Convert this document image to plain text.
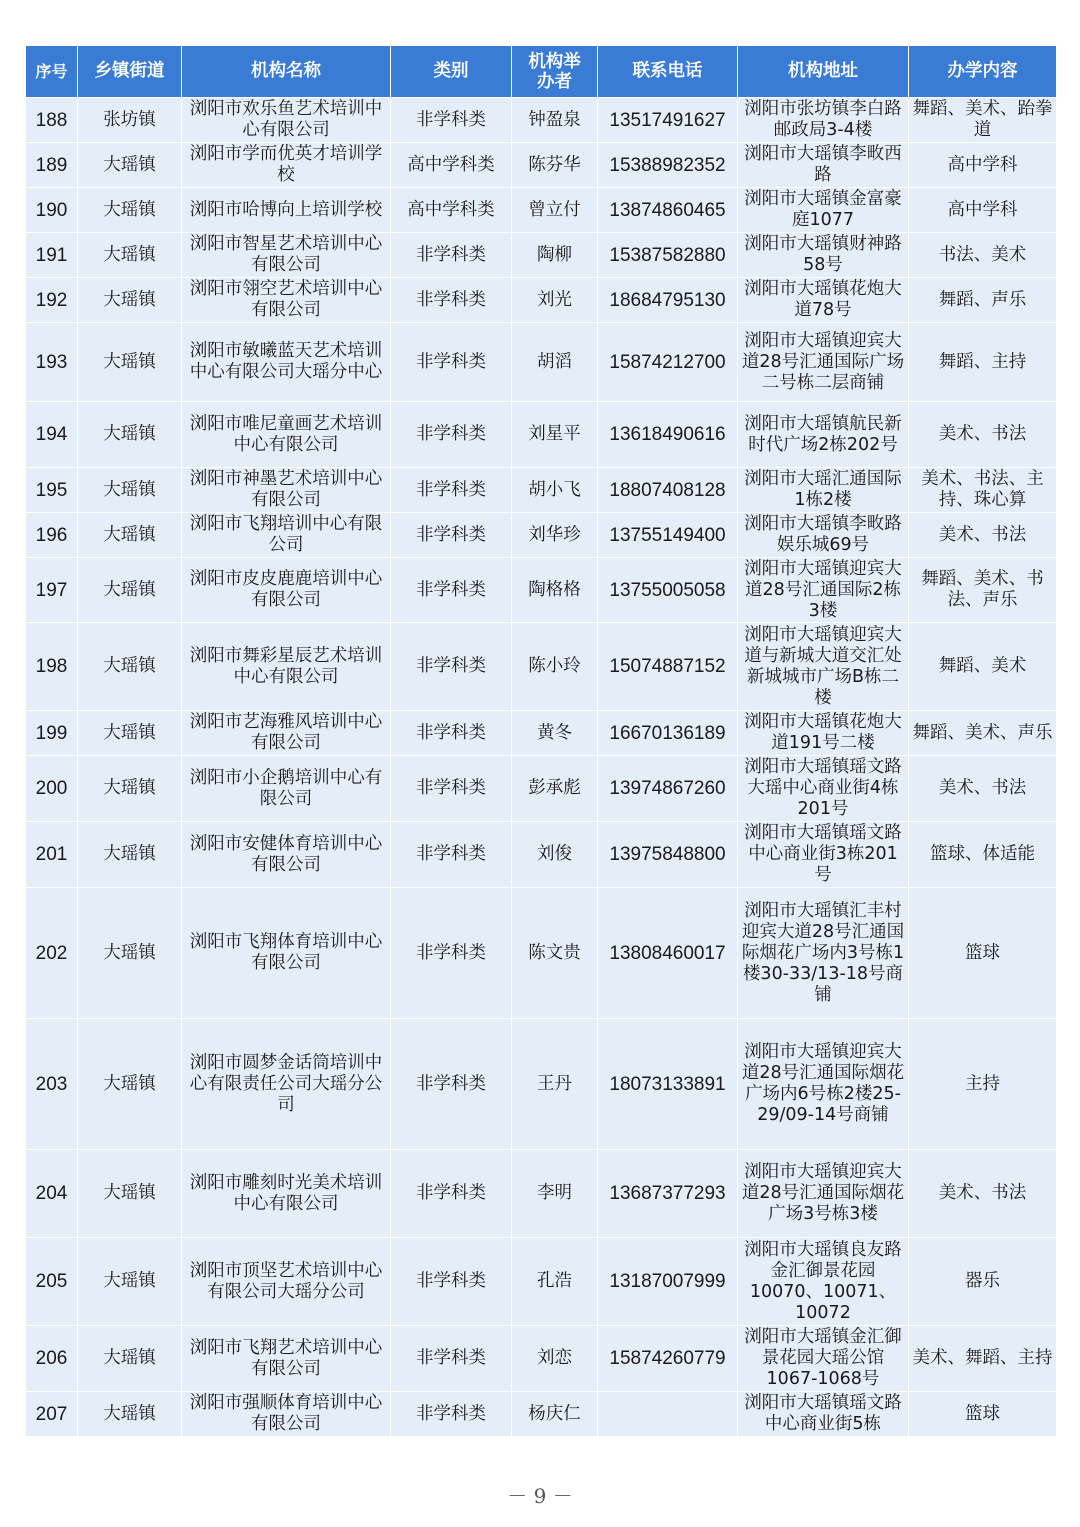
序号	乡镇街道	机构名称	类别	机构举办者	联系电话	机构地址	办学内容
188	张坊镇	浏阳市欢乐鱼艺术培训中心有限公司	非学科类	钟盈泉	13517491627	浏阳市张坊镇李白路邮政局3-4楼	舞蹈、美术、跆拳道
189	大瑶镇	浏阳市学而优英才培训学校	高中学科类	陈芬华	15388982352	浏阳市大瑶镇李畋西路	高中学科
190	大瑶镇	浏阳市哈博向上培训学校	高中学科类	曾立付	13874860465	浏阳市大瑶镇金富豪庭1077	高中学科
191	大瑶镇	浏阳市智星艺术培训中心有限公司	非学科类	陶柳	15387582880	浏阳市大瑶镇财神路58号	书法、美术
192	大瑶镇	浏阳市翎空艺术培训中心有限公司	非学科类	刘光	18684795130	浏阳市大瑶镇花炮大道78号	舞蹈、声乐
193	大瑶镇	浏阳市敏曦蓝天艺术培训中心有限公司大瑶分中心	非学科类	胡滔	15874212700	浏阳市大瑶镇迎宾大道28号汇通国际广场二号栋二层商铺	舞蹈、主持
194	大瑶镇	浏阳市唯尼童画艺术培训中心有限公司	非学科类	刘星平	13618490616	浏阳市大瑶镇航民新时代广场2栋202号	美术、书法
195	大瑶镇	浏阳市神墨艺术培训中心有限公司	非学科类	胡小飞	18807408128	浏阳市大瑶汇通国际1栋2楼	美术、书法、主持、珠心算
196	大瑶镇	浏阳市飞翔培训中心有限公司	非学科类	刘华珍	13755149400	浏阳市大瑶镇李畋路娱乐城69号	美术、书法
197	大瑶镇	浏阳市皮皮鹿鹿培训中心有限公司	非学科类	陶格格	13755005058	浏阳市大瑶镇迎宾大道28号汇通国际2栋3楼	舞蹈、美术、书法、声乐
198	大瑶镇	浏阳市舞彩星辰艺术培训中心有限公司	非学科类	陈小玲	15074887152	浏阳市大瑶镇迎宾大道与新城大道交汇处新城城市广场B栋二楼	舞蹈、美术
199	大瑶镇	浏阳市艺海雅风培训中心有限公司	非学科类	黄冬	16670136189	浏阳市大瑶镇花炮大道191号二楼	舞蹈、美术、声乐
200	大瑶镇	浏阳市小企鹅培训中心有限公司	非学科类	彭承彪	13974867260	浏阳市大瑶镇瑶文路大瑶中心商业街4栋201号	美术、书法
201	大瑶镇	浏阳市安健体育培训中心有限公司	非学科类	刘俊	13975848800	浏阳市大瑶镇瑶文路中心商业街3栋201号	篮球、体适能
202	大瑶镇	浏阳市飞翔体育培训中心有限公司	非学科类	陈文贵	13808460017	浏阳市大瑶镇汇丰村迎宾大道28号汇通国际烟花广场内3号栋1楼30-33/13-18号商铺	篮球
203	大瑶镇	浏阳市圆梦金话筒培训中心有限责任公司大瑶分公司	非学科类	王丹	18073133891	浏阳市大瑶镇迎宾大道28号汇通国际烟花广场内6号栋2楼25-29/09-14号商铺	主持
204	大瑶镇	浏阳市雕刻时光美术培训中心有限公司	非学科类	李明	13687377293	浏阳市大瑶镇迎宾大道28号汇通国际烟花广场3号栋3楼	美术、书法
205	大瑶镇	浏阳市顶坚艺术培训中心有限公司大瑶分公司	非学科类	孔浩	13187007999	浏阳市大瑶镇良友路金汇御景花园10070、10071、10072	器乐
206	大瑶镇	浏阳市飞翔艺术培训中心有限公司	非学科类	刘恋	15874260779	浏阳市大瑶镇金汇御景花园大瑶公馆1067-1068号	美术、舞蹈、主持
207	大瑶镇	浏阳市强顺体育培训中心有限公司	非学科类	杨庆仁		浏阳市大瑶镇瑶文路中心商业街5栋	篮球
－ 9 －
